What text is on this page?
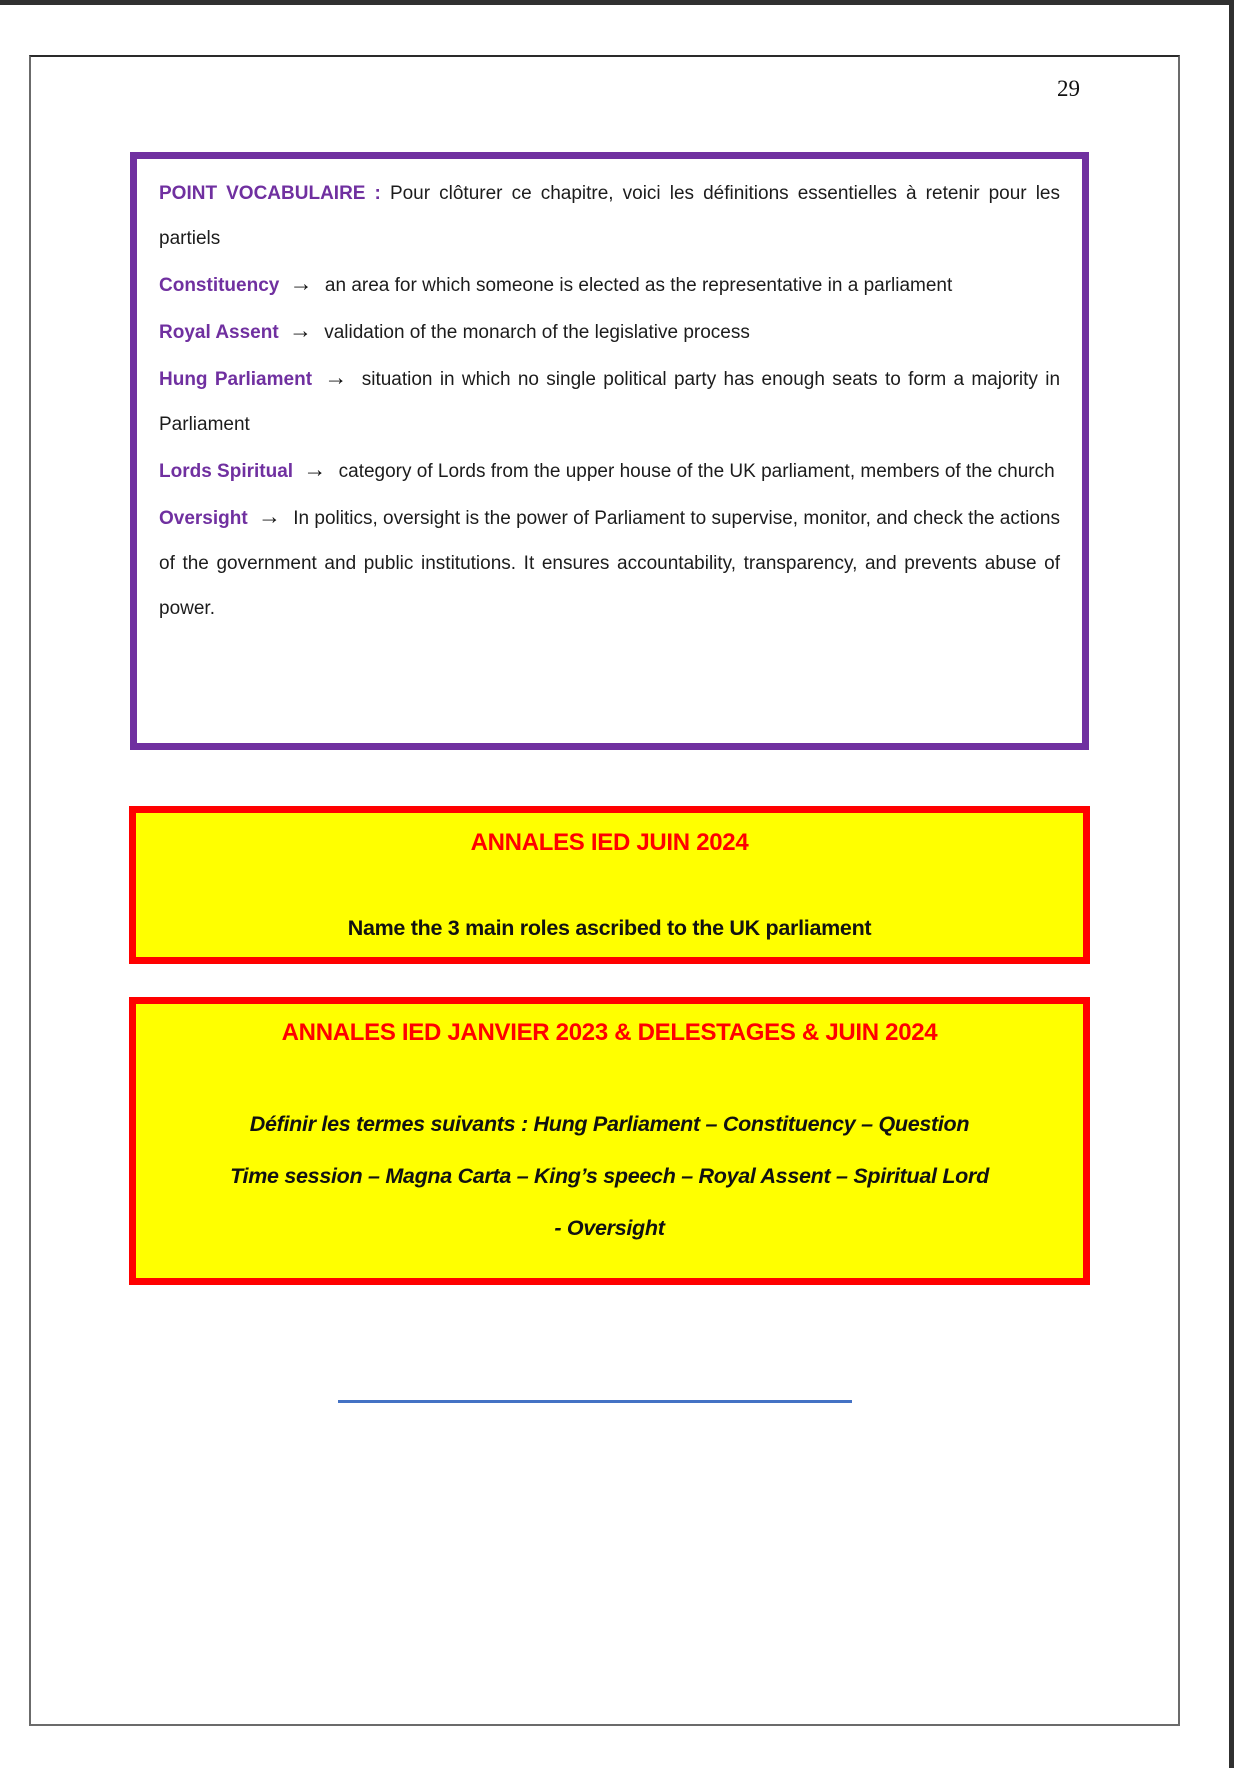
29

POINT VOCABULAIRE : Pour clôturer ce chapitre, voici les définitions essentielles à retenir pour les partiels

Constituency → an area for which someone is elected as the representative in a parliament

Royal Assent → validation of the monarch of the legislative process

Hung Parliament → situation in which no single political party has enough seats to form a majority in Parliament

Lords Spiritual → category of Lords from the upper house of the UK parliament, members of the church

Oversight → In politics, oversight is the power of Parliament to supervise, monitor, and check the actions of the government and public institutions. It ensures accountability, transparency, and prevents abuse of power.

ANNALES IED JUIN 2024
Name the 3 main roles ascribed to the UK parliament
ANNALES IED JANVIER 2023 & DELESTAGES & JUIN 2024
Définir les termes suivants : Hung Parliament – Constituency – Question
Time session – Magna Carta – King’s speech – Royal Assent – Spiritual Lord
- Oversight
